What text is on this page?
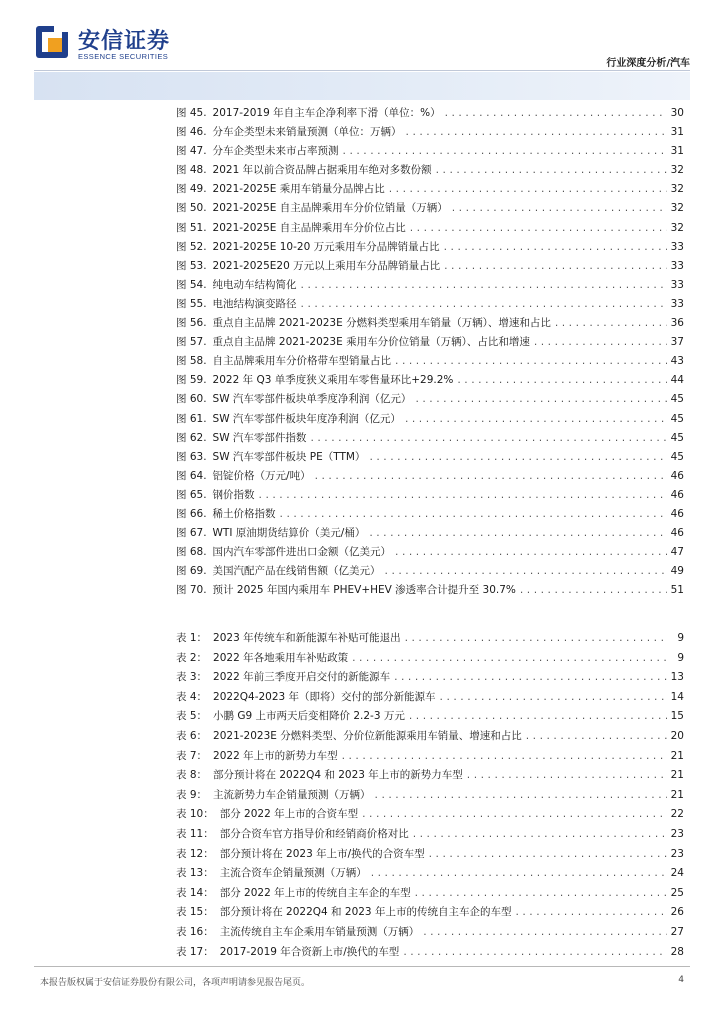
安信证券
ESSENCE SECURITIES
行业深度分析/汽车
图 45. 2017-2019 年自主车企净利率下滑（单位：%） .....	30
图 46. 分车企类型未来销量预测（单位：万辆） .....	31
图 47. 分车企类型未来市占率预测 .....	31
图 48. 2021 年以前合资品牌占据乘用车绝对多数份额 .....	32
图 49. 2021-2025E 乘用车销量分品牌占比 .....	32
图 50. 2021-2025E 自主品牌乘用车分价位销量（万辆） .....	32
图 51. 2021-2025E 自主品牌乘用车分价位占比 .....	32
图 52. 2021-2025E 10-20 万元乘用车分品牌销量占比 .....	33
图 53. 2021-2025E20 万元以上乘用车分品牌销量占比 .....	33
图 54. 纯电动车结构简化 .....	33
图 55. 电池结构演变路径 .....	33
图 56. 重点自主品牌 2021-2023E 分燃料类型乘用车销量（万辆）、增速和占比 .....	36
图 57. 重点自主品牌 2021-2023E 乘用车分价位销量（万辆）、占比和增速 .....	37
图 58. 自主品牌乘用车分价格带车型销量占比 .....	43
图 59. 2022 年 Q3 单季度狭义乘用车零售量环比+29.2% .....	44
图 60. SW 汽车零部件板块单季度净利润（亿元） .....	45
图 61. SW 汽车零部件板块年度净利润（亿元） .....	45
图 62. SW 汽车零部件指数 .....	45
图 63. SW 汽车零部件板块 PE（TTM） .....	45
图 64. 铝锭价格（万元/吨） .....	46
图 65. 钢价指数 .....	46
图 66. 稀土价格指数 .....	46
图 67. WTI 原油期货结算价（美元/桶） .....	46
图 68. 国内汽车零部件进出口金额（亿美元） .....	47
图 69. 美国汽配产品在线销售额（亿美元） .....	49
图 70. 预计 2025 年国内乘用车 PHEV+HEV 渗透率合计提升至 30.7% .....	51
表 1： 2023 年传统车和新能源车补贴可能退出 .....	9
表 2： 2022 年各地乘用车补贴政策 .....	9
表 3： 2022 年前三季度开启交付的新能源车 .....	13
表 4： 2022Q4-2023 年（即将）交付的部分新能源车 .....	14
表 5： 小鹏 G9 上市两天后变相降价 2.2-3 万元 .....	15
表 6： 2021-2023E 分燃料类型、分价位新能源乘用车销量、增速和占比 .....	20
表 7： 2022 年上市的新势力车型 .....	21
表 8： 部分预计将在 2022Q4 和 2023 年上市的新势力车型 .....	21
表 9： 主流新势力车企销量预测（万辆） .....	21
表 10： 部分 2022 年上市的合资车型 .....	22
表 11： 部分合资车官方指导价和经销商价格对比 .....	23
表 12： 部分预计将在 2023 年上市/换代的合资车型 .....	23
表 13： 主流合资车企销量预测（万辆） .....	24
表 14： 部分 2022 年上市的传统自主车企的车型 .....	25
表 15： 部分预计将在 2022Q4 和 2023 年上市的传统自主车企的车型 .....	26
表 16： 主流传统自主车企乘用车销量预测（万辆） .....	27
表 17： 2017-2019 年合资新上市/换代的车型 .....	28
本报告版权属于安信证券股份有限公司，各项声明请参见报告尾页。	4
